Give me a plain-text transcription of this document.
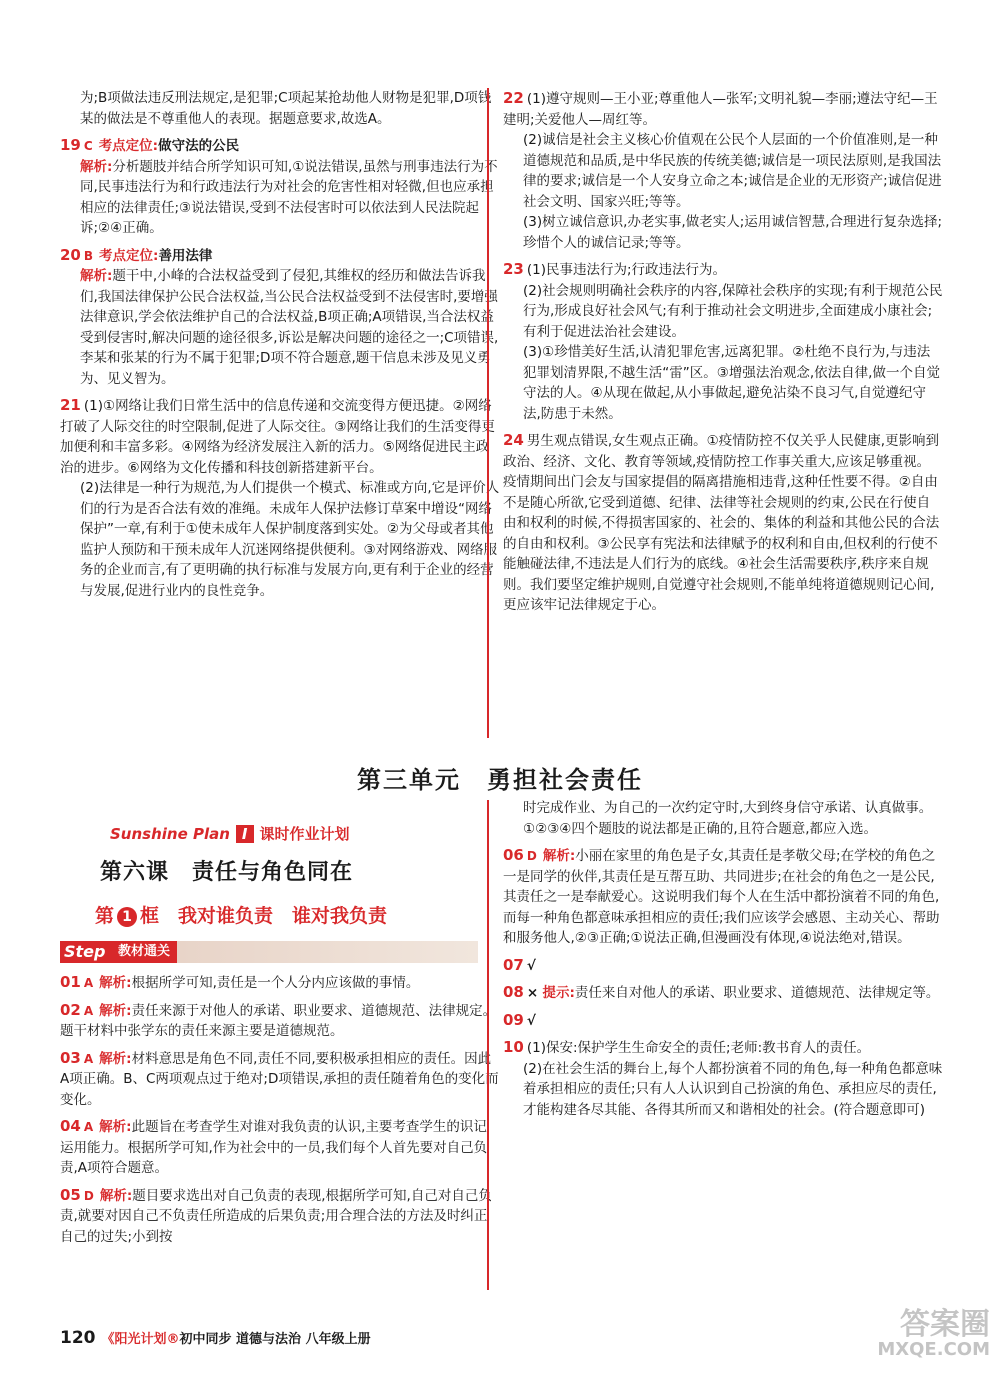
为;B项做法违反刑法规定,是犯罪;C项起某抢劫他人财物是犯罪,D项钱某的做法是不尊重他人的表现。据题意要求,故选A。

19 C 考点定位:做守法的公民
解析:分析题肢并结合所学知识可知,①说法错误,虽然与刑事违法行为不同,民事违法行为和行政违法行为对社会的危害性相对轻微,但也应承担相应的法律责任;③说法错误,受到不法侵害时可以依法到人民法院起诉;②④正确。

20 B 考点定位:善用法律
解析:题干中,小峰的合法权益受到了侵犯,其维权的经历和做法告诉我们,我国法律保护公民合法权益,当公民合法权益受到不法侵害时,要增强法律意识,学会依法维护自己的合法权益,B项正确;A项错误,当合法权益受到侵害时,解决问题的途径很多,诉讼是解决问题的途径之一;C项错误,李某和张某的行为不属于犯罪;D项不符合题意,题干信息未涉及见义勇为、见义智为。

21 (1)①网络让我们日常生活中的信息传递和交流变得方便迅捷。②网络打破了人际交往的时空限制,促进了人际交往。③网络让我们的生活变得更加便利和丰富多彩。④网络为经济发展注入新的活力。⑤网络促进民主政治的进步。⑥网络为文化传播和科技创新搭建新平台。
(2)法律是一种行为规范,为人们提供一个模式、标准或方向,它是评价人们的行为是否合法有效的准绳。未成年人保护法修订草案中增设“网络保护”一章,有利于①使未成年人保护制度落到实处。②为父母或者其他监护人预防和干预未成年人沉迷网络提供便利。③对网络游戏、网络服务的企业而言,有了更明确的执行标准与发展方向,更有利于企业的经营与发展,促进行业内的良性竞争。

22 (1)遵守规则—王小亚;尊重他人—张军;文明礼貌—李丽;遵法守纪—王建明;关爱他人—周红等。
(2)诚信是社会主义核心价值观在公民个人层面的一个价值准则,是一种道德规范和品质,是中华民族的传统美德;诚信是一项民法原则,是我国法律的要求;诚信是一个人安身立命之本;诚信是企业的无形资产;诚信促进社会文明、国家兴旺;等等。
(3)树立诚信意识,办老实事,做老实人;运用诚信智慧,合理进行复杂选择;珍惜个人的诚信记录;等等。

23 (1)民事违法行为;行政违法行为。
(2)社会规则明确社会秩序的内容,保障社会秩序的实现;有利于规范公民行为,形成良好社会风气;有利于推动社会文明进步,全面建成小康社会;有利于促进法治社会建设。
(3)①珍惜美好生活,认清犯罪危害,远离犯罪。②杜绝不良行为,与违法犯罪划清界限,不越生活“雷”区。③增强法治观念,依法自律,做一个自觉守法的人。④从现在做起,从小事做起,避免沾染不良习气,自觉遵纪守法,防患于未然。

24 男生观点错误,女生观点正确。①疫情防控不仅关乎人民健康,更影响到政治、经济、文化、教育等领域,疫情防控工作事关重大,应该足够重视。疫情期间出门会友与国家提倡的隔离措施相违背,这种任性要不得。②自由不是随心所欲,它受到道德、纪律、法律等社会规则的约束,公民在行使自由和权利的时候,不得损害国家的、社会的、集体的利益和其他公民的合法的自由和权利。③公民享有宪法和法律赋予的权利和自由,但权利的行使不能触碰法律,不违法是人们行为的底线。④社会生活需要秩序,秩序来自规则。我们要坚定维护规则,自觉遵守社会规则,不能单纯将道德规则记心间,更应该牢记法律规定于心。

第三单元　勇担社会责任
Sunshine Plan I 课时作业计划
第六课　责任与角色同在
第 1 框　我对谁负责　谁对我负责
Step 教材通关

01 A 解析:根据所学可知,责任是一个人分内应该做的事情。

02 A 解析:责任来源于对他人的承诺、职业要求、道德规范、法律规定。题干材料中张学东的责任来源主要是道德规范。

03 A 解析:材料意思是角色不同,责任不同,要积极承担相应的责任。因此A项正确。B、C两项观点过于绝对;D项错误,承担的责任随着角色的变化而变化。

04 A 解析:此题旨在考查学生对谁对我负责的认识,主要考查学生的识记运用能力。根据所学可知,作为社会中的一员,我们每个人首先要对自己负责,A项符合题意。

05 D 解析:题目要求选出对自己负责的表现,根据所学可知,自己对自己负责,就要对因自己不负责任所造成的后果负责;用合理合法的方法及时纠正自己的过失;小到按

时完成作业、为自己的一次约定守时,大到终身信守承诺、认真做事。①②③④四个题肢的说法都是正确的,且符合题意,都应入选。

06 D 解析:小丽在家里的角色是子女,其责任是孝敬父母;在学校的角色之一是同学的伙伴,其责任是互帮互助、共同进步;在社会的角色之一是公民,其责任之一是奉献爱心。这说明我们每个人在生活中都扮演着不同的角色,而每一种角色都意味承担相应的责任;我们应该学会感恩、主动关心、帮助和服务他人,②③正确;①说法正确,但漫画没有体现,④说法绝对,错误。

07 √

08 × 提示:责任来自对他人的承诺、职业要求、道德规范、法律规定等。

09 √

10 (1)保安:保护学生生命安全的责任;老师:教书育人的责任。
(2)在社会生活的舞台上,每个人都扮演着不同的角色,每一种角色都意味着承担相应的责任;只有人人认识到自己扮演的角色、承担应尽的责任,才能构建各尽其能、各得其所而又和谐相处的社会。(符合题意即可)

120 《阳光计划®初中同步 道德与法治 八年级上册	答案圈
MXQE.COM
